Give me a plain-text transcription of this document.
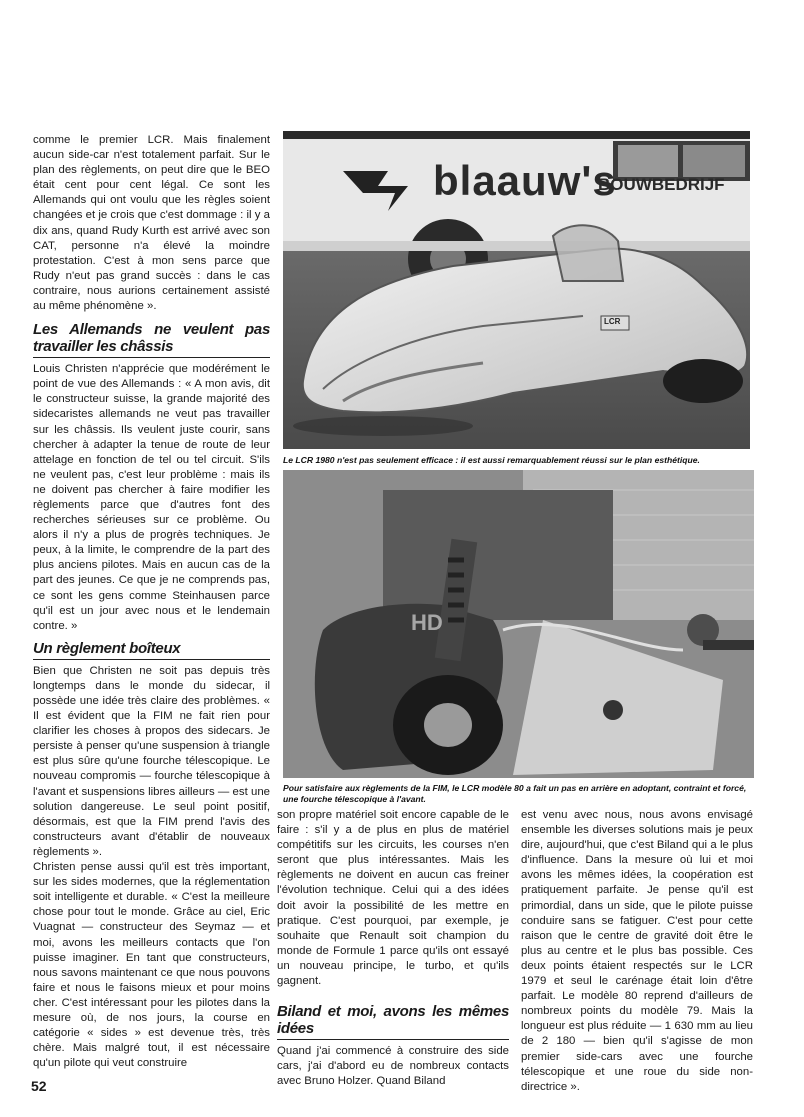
comme le premier LCR. Mais finalement aucun side-car n'est totalement parfait. Sur le plan des règlements, on peut dire que le BEO était cent pour cent légal. Ce sont les Allemands qui ont voulu que les règles soient changées et je crois que c'est dommage : il y a dix ans, quand Rudy Kurth est arrivé avec son CAT, personne n'a élevé la moindre protestation. C'est à mon sens parce que Rudy n'eut pas grand succès : dans le cas contraire, nous aurions certainement assisté au même phénomène ».

Les Allemands ne veulent pas travailler les châssis

Louis Christen n'apprécie que modérément le point de vue des Allemands : « A mon avis, dit le constructeur suisse, la grande majorité des sidecaristes allemands ne veut pas travailler sur les châssis. Ils veulent juste courir, sans chercher à adapter la tenue de route de leur attelage en fonction de tel ou tel circuit. S'ils ne veulent pas, c'est leur problème : mais ils ne doivent pas chercher à faire modifier les règlements parce que d'autres font des recherches sérieuses sur ce problème. Ou alors il n'y a plus de progrès techniques. Je peux, à la limite, le comprendre de la part des plus anciens pilotes. Mais en aucun cas de la part des jeunes. Ce que je ne comprends pas, ce sont les gens comme Steinhausen parce qu'il est un jour avec nous et le lendemain contre. »

Un règlement boîteux

Bien que Christen ne soit pas depuis très longtemps dans le monde du sidecar, il possède une idée très claire des problèmes. « Il est évident que la FIM ne fait rien pour clarifier les choses à propos des sidecars. Je persiste à penser qu'une suspension à triangle est plus sûre qu'une fourche télescopique. Le nouveau compromis — fourche télescopique à l'avant et suspensions libres ailleurs — est une solution dangereuse. Le seul point positif, désormais, est que la FIM prend l'avis des constructeurs avant d'établir de nouveaux règlements ».

Christen pense aussi qu'il est très important, sur les sides modernes, que la réglementation soit intelligente et durable. « C'est la meilleure chose pour tout le monde. Grâce au ciel, Eric Vuagnat — constructeur des Seymaz — et moi, avons les meilleurs contacts que l'on puisse imaginer. En tant que constructeurs, nous savons maintenant ce que nous pouvons faire et nous le faisons mieux et pour moins cher. C'est intéressant pour les pilotes dans la mesure où, de nos jours, la course en catégorie « sides » est devenue très, très chère. Mais malgré tout, il est nécessaire qu'un pilote qui veut construire

blaauw's
BOUWBEDRIJF
LCR
Le LCR 1980 n'est pas seulement efficace : il est aussi remarquablement réussi sur le plan esthétique.
HD
Pour satisfaire aux règlements de la FIM, le LCR modèle 80 a fait un pas en arrière en adoptant, contraint et forcé, une fourche télescopique à l'avant.

son propre matériel soit encore capable de le faire : s'il y a de plus en plus de matériel compétitifs sur les circuits, les courses n'en seront que plus intéressantes. Mais les règlements ne doivent en aucun cas freiner l'évolution technique. Celui qui a des idées doit avoir la possibilité de les mettre en pratique. C'est pourquoi, par exemple, je souhaite que Renault soit champion du monde de Formule 1 parce qu'ils ont essayé un nouveau principe, le turbo, et qu'ils gagnent.

Biland et moi, avons les mêmes idées

Quand j'ai commencé à construire des side cars, j'ai d'abord eu de nombreux contacts avec Bruno Holzer. Quand Biland

est venu avec nous, nous avons envisagé ensemble les diverses solutions mais je peux dire, aujourd'hui, que c'est Biland qui a le plus d'influence. Dans la mesure où lui et moi avons les mêmes idées, la coopération est pratiquement parfaite. Je pense qu'il est primordial, dans un side, que le pilote puisse conduire sans se fatiguer. C'est pour cette raison que le centre de gravité doit être le plus au centre et le plus bas possible. Ces deux points étaient respectés sur le LCR 1979 et seul le carénage était loin d'être parfait. Le modèle 80 reprend d'ailleurs de nombreux points du modèle 79. Mais la longueur est plus réduite — 1 630 mm au lieu de 2 180 — bien qu'il s'agisse de mon premier side-cars avec une fourche télescopique et une roue du side non-directrice ».

52
